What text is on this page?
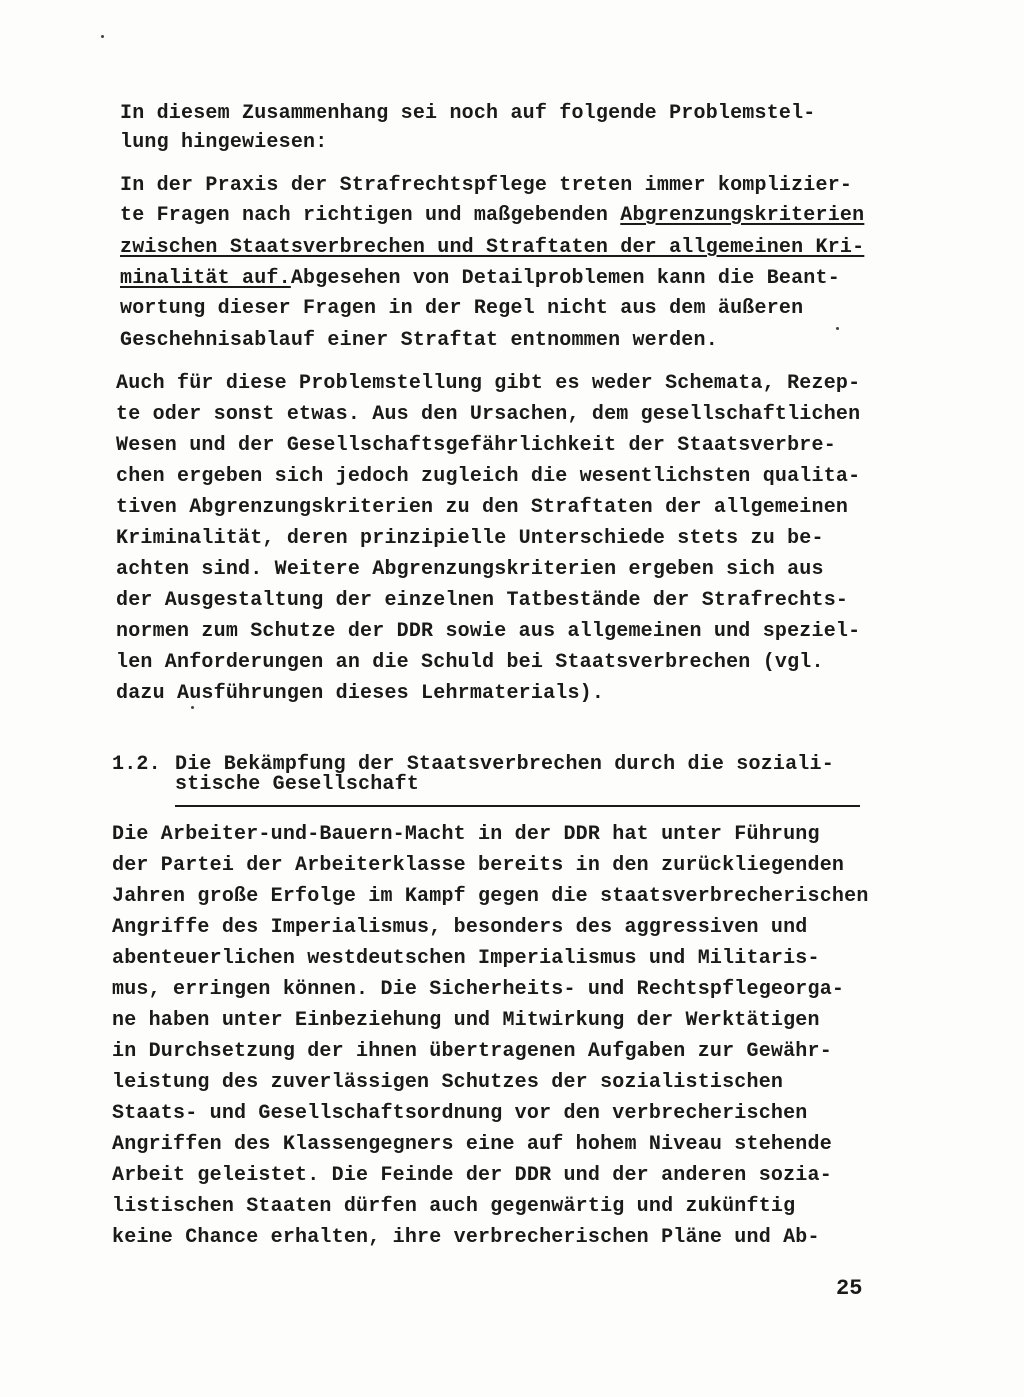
In diesem Zusammenhang sei noch auf folgende Problemstel-
lung hingewiesen:
In der Praxis der Strafrechtspflege treten immer komplizier-
te Fragen nach richtigen und maßgebenden Abgrenzungskriterien
zwischen Staatsverbrechen und Straftaten der allgemeinen Kri-
minalität auf.Abgesehen von Detailproblemen kann die Beant-
wortung dieser Fragen in der Regel nicht aus dem äußeren
Geschehnisablauf einer Straftat entnommen werden.
Auch für diese Problemstellung gibt es weder Schemata, Rezep-
te oder sonst etwas. Aus den Ursachen, dem gesellschaftlichen
Wesen und der Gesellschaftsgefährlichkeit der Staatsverbre-
chen ergeben sich jedoch zugleich die wesentlichsten qualita-
tiven Abgrenzungskriterien zu den Straftaten der allgemeinen
Kriminalität, deren prinzipielle Unterschiede stets zu be-
achten sind. Weitere Abgrenzungskriterien ergeben sich aus
der Ausgestaltung der einzelnen Tatbestände der Strafrechts-
normen zum Schutze der DDR sowie aus allgemeinen und speziel-
len Anforderungen an die Schuld bei Staatsverbrechen (vgl.
dazu Ausführungen dieses Lehrmaterials).
1.2. Die Bekämpfung der Staatsverbrechen durch die soziali-
stische Gesellschaft
Die Arbeiter-und-Bauern-Macht in der DDR hat unter Führung
der Partei der Arbeiterklasse bereits in den zurückliegenden
Jahren große Erfolge im Kampf gegen die staatsverbrecherischen
Angriffe des Imperialismus, besonders des aggressiven und
abenteuerlichen westdeutschen Imperialismus und Militaris-
mus, erringen können. Die Sicherheits- und Rechtspflegeorga-
ne haben unter Einbeziehung und Mitwirkung der Werktätigen
in Durchsetzung der ihnen übertragenen Aufgaben zur Gewähr-
leistung des zuverlässigen Schutzes der sozialistischen
Staats- und Gesellschaftsordnung vor den verbrecherischen
Angriffen des Klassengegners eine auf hohem Niveau stehende
Arbeit geleistet. Die Feinde der DDR und der anderen sozia-
listischen Staaten dürfen auch gegenwärtig und zukünftig
keine Chance erhalten, ihre verbrecherischen Pläne und Ab-
25
